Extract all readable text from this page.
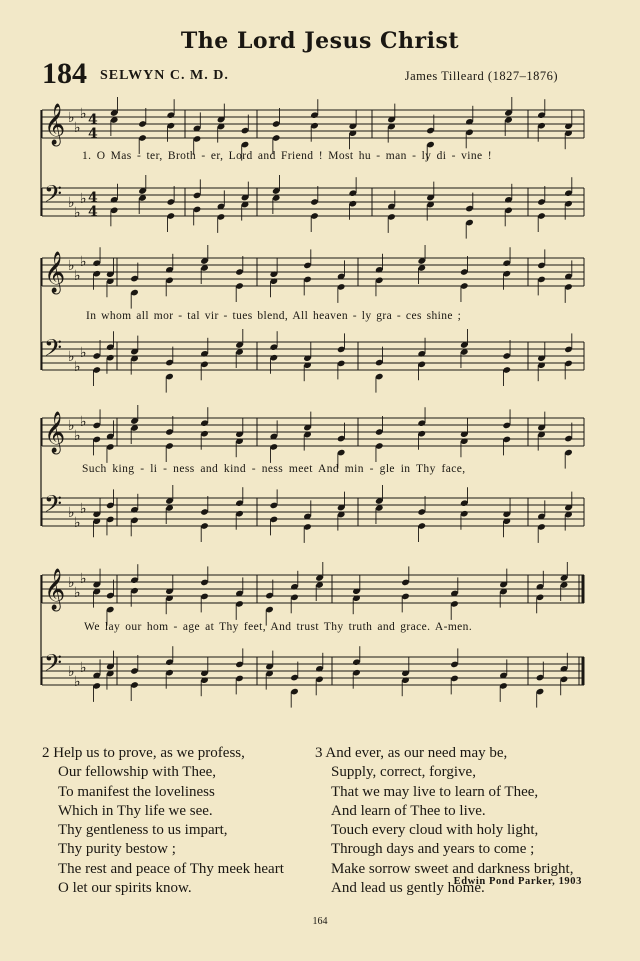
The Lord Jesus Christ
184 SELWYN C. M. D.	James Tilleard (1827–1876)
𝄞 ♭
♭
♭ 4
4
𝄢 ♭
♭
♭ 4
4
𝄞 ♭
♭
♭
𝄢 ♭
♭
♭
𝄞 ♭
♭
♭
𝄢 ♭
♭
♭
𝄞 ♭
♭
♭
𝄢 ♭
♭
♭
1. O Mas - ter, Broth - er, Lord and Friend ! Most hu - man - ly di - vine !
In whom all mor - tal vir - tues blend, All heaven - ly gra - ces shine ;
Such king - li - ness and kind - ness meet And min - gle in Thy face,
We lay our hom - age at Thy feet, And trust Thy truth and grace. A-men.
2 Help us to prove, as we profess,
Our fellowship with Thee,
To manifest the loveliness
Which in Thy life we see.
Thy gentleness to us impart,
Thy purity bestow ;
The rest and peace of Thy meek heart
O let our spirits know.
3 And ever, as our need may be,
Supply, correct, forgive,
That we may live to learn of Thee,
And learn of Thee to live.
Touch every cloud with holy light,
Through days and years to come ;
Make sorrow sweet and darkness bright,
And lead us gently home.
Edwin Pond Parker, 1903
164
